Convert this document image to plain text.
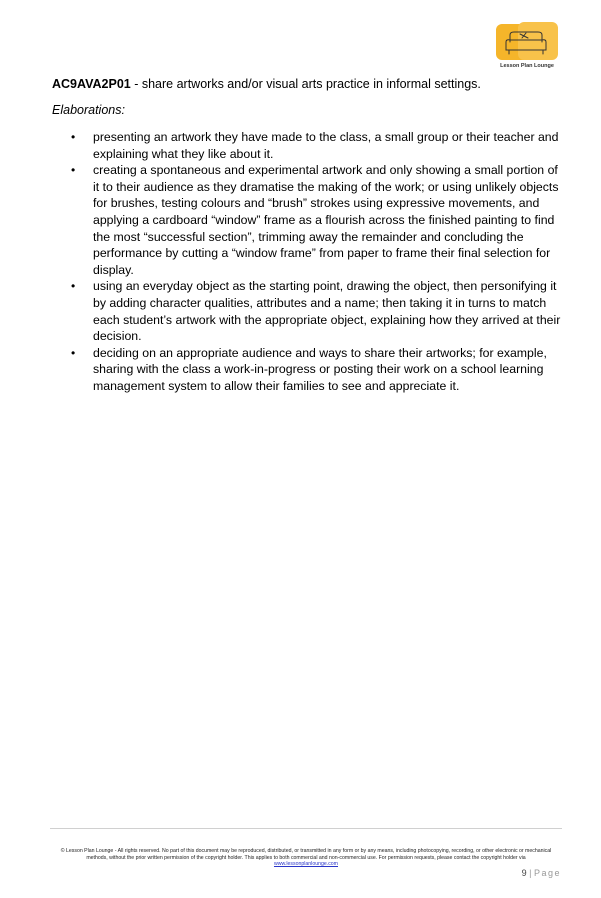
Lesson Plan Lounge
AC9AVA2P01 - share artworks and/or visual arts practice in informal settings.
Elaborations:
• presenting an artwork they have made to the class, a small group or their teacher and explaining what they like about it.
• creating a spontaneous and experimental artwork and only showing a small portion of it to their audience as they dramatise the making of the work; or using unlikely objects for brushes, testing colours and “brush” strokes using expressive movements, and applying a cardboard “window” frame as a flourish across the finished painting to find the most “successful section”, trimming away the remainder and concluding the performance by cutting a “window frame” from paper to frame their final selection for display.
• using an everyday object as the starting point, drawing the object, then personifying it by adding character qualities, attributes and a name; then taking it in turns to match each student’s artwork with the appropriate object, explaining how they arrived at their decision.
• deciding on an appropriate audience and ways to share their artworks; for example, sharing with the class a work-in-progress or posting their work on a school learning management system to allow their families to see and appreciate it.
© Lesson Plan Lounge - All rights reserved. No part of this document may be reproduced, distributed, or transmitted in any form or by any means, including photocopying, recording, or other electronic or mechanical methods, without the prior written permission of the copyright holder. This applies to both commercial and non-commercial use. For permission requests, please contact the copyright holder via
www.lessonplanlounge.com
9 | Page
